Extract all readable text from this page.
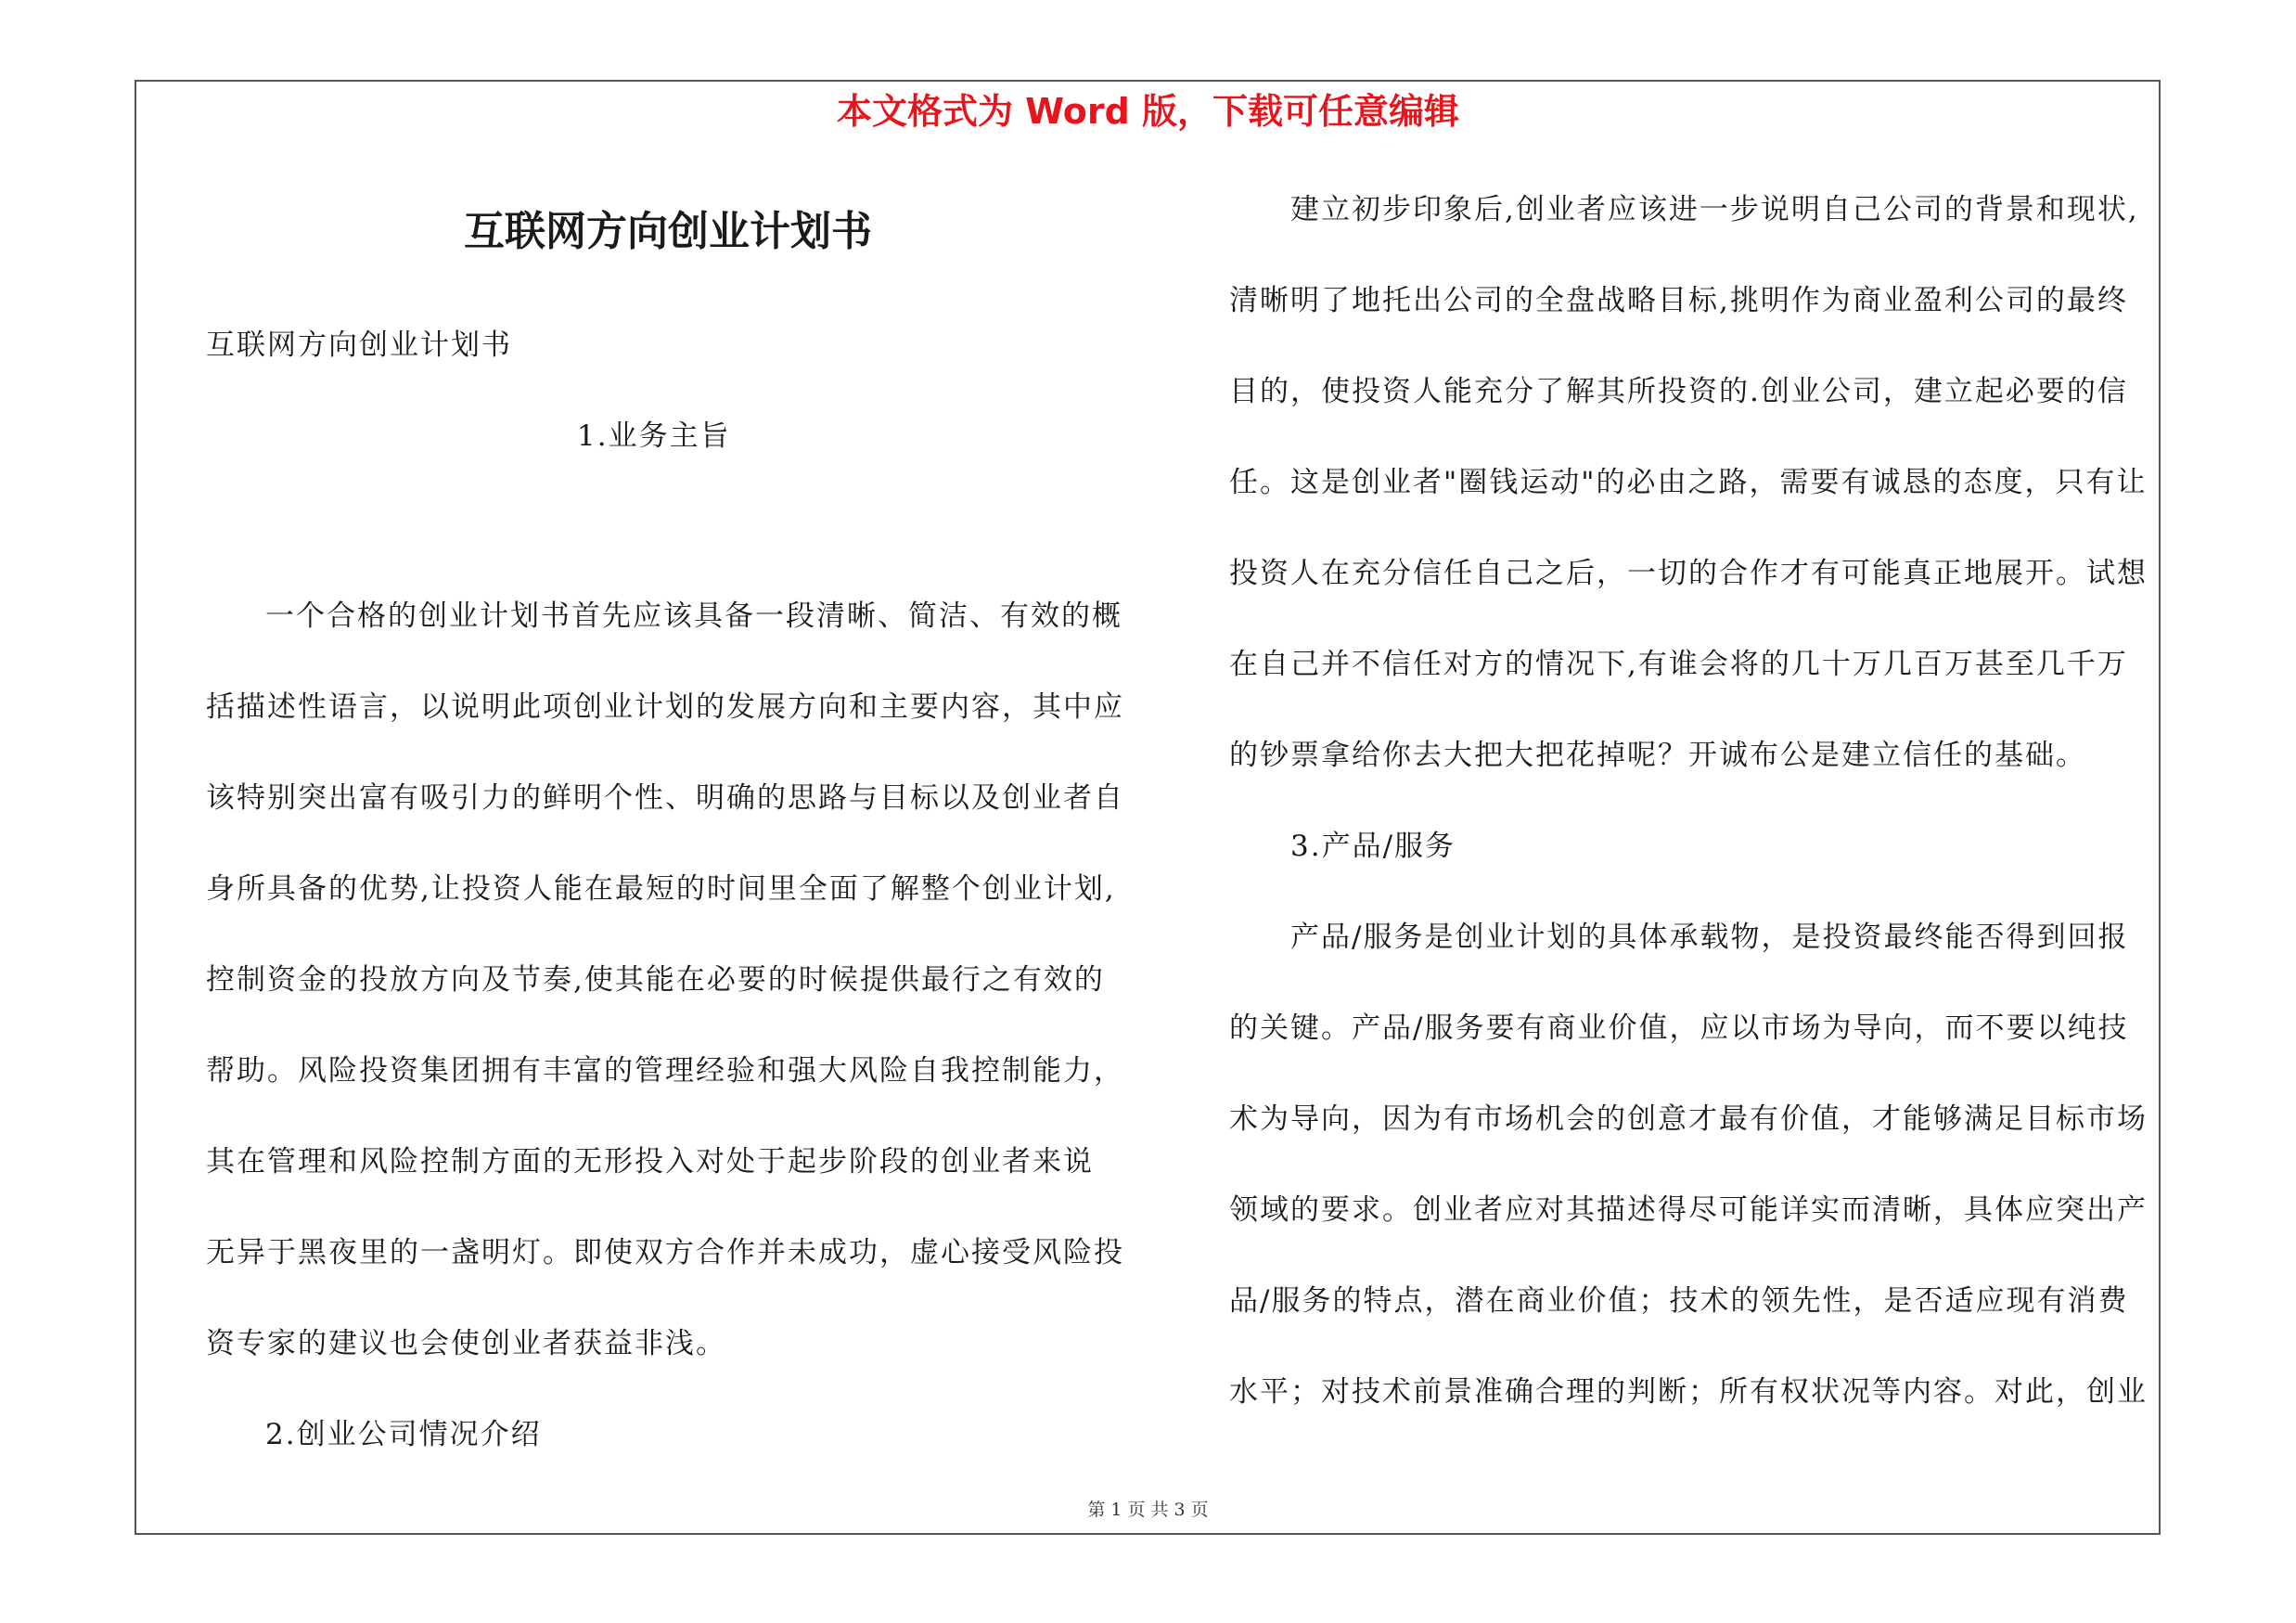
本文格式为 Word 版，下载可任意编辑
互联网方向创业计划书
互联网方向创业计划书
1.业务主旨
一个合格的创业计划书首先应该具备一段清晰、简洁、有效的概
括描述性语言，以说明此项创业计划的发展方向和主要内容，其中应
该特别突出富有吸引力的鲜明个性、明确的思路与目标以及创业者自
身所具备的优势,让投资人能在最短的时间里全面了解整个创业计划,
控制资金的投放方向及节奏,使其能在必要的时候提供最行之有效的
帮助。风险投资集团拥有丰富的管理经验和强大风险自我控制能力，
其在管理和风险控制方面的无形投入对处于起步阶段的创业者来说
无异于黑夜里的一盏明灯。即使双方合作并未成功，虚心接受风险投
资专家的建议也会使创业者获益非浅。
2.创业公司情况介绍
建立初步印象后,创业者应该进一步说明自己公司的背景和现状,
清晰明了地托出公司的全盘战略目标,挑明作为商业盈利公司的最终
目的，使投资人能充分了解其所投资的.创业公司，建立起必要的信
任。这是创业者"圈钱运动"的必由之路，需要有诚恳的态度，只有让
投资人在充分信任自己之后，一切的合作才有可能真正地展开。试想
在自己并不信任对方的情况下,有谁会将的几十万几百万甚至几千万
的钞票拿给你去大把大把花掉呢？开诚布公是建立信任的基础。
3.产品/服务
产品/服务是创业计划的具体承载物，是投资最终能否得到回报
的关键。产品/服务要有商业价值，应以市场为导向，而不要以纯技
术为导向，因为有市场机会的创意才最有价值，才能够满足目标市场
领域的要求。创业者应对其描述得尽可能详实而清晰，具体应突出产
品/服务的特点，潜在商业价值；技术的领先性，是否适应现有消费
水平；对技术前景准确合理的判断；所有权状况等内容。对此，创业
第 1 页 共 3 页
